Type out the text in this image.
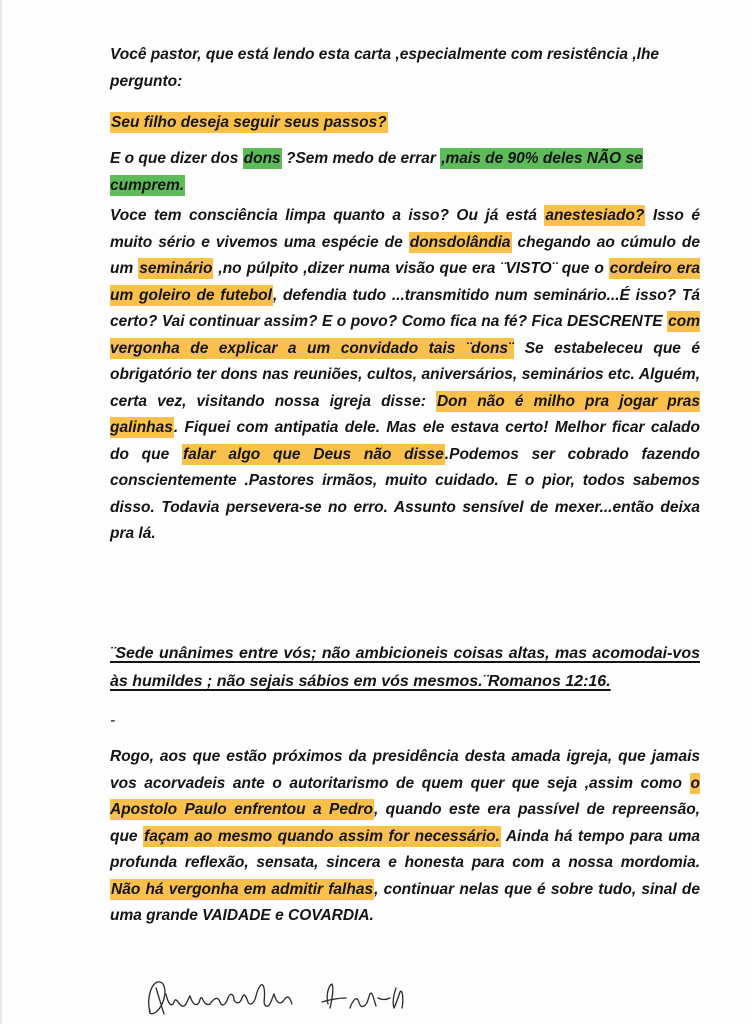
Você pastor, que está lendo esta carta ,especialmente com resistência ,lhe pergunto:

Seu filho deseja seguir seus passos?

E o que dizer dos dons ?Sem medo de errar ,mais de 90% deles NÃO se cumprem.

Voce tem consciência limpa quanto a isso? Ou já está anestesiado? Isso é muito sério e vivemos uma espécie de donsdolândia chegando ao cúmulo de um seminário ,no púlpito ,dizer numa visão que era ¨VISTO¨ que o cordeiro era um goleiro de futebol, defendia tudo ...transmitido num seminário...É isso? Tá certo? Vai continuar assim? E o povo? Como fica na fé? Fica DESCRENTE com vergonha de explicar a um convidado tais ¨dons¨ Se estabeleceu que é obrigatório ter dons nas reuniões, cultos, aniversários, seminários etc. Alguém, certa vez, visitando nossa igreja disse: Don não é milho pra jogar pras galinhas. Fiquei com antipatia dele. Mas ele estava certo! Melhor ficar calado do que falar algo que Deus não disse.Podemos ser cobrado fazendo conscientemente .Pastores irmãos, muito cuidado. E o pior, todos sabemos disso. Todavia persevera-se no erro. Assunto sensível de mexer...então deixa pra lá.

¨Sede unânimes entre vós; não ambicioneis coisas altas, mas acomodai-vos às humildes ; não sejais sábios em vós mesmos.¨Romanos 12:16.

-

Rogo, aos que estão próximos da presidência desta amada igreja, que jamais vos acorvadeis ante o autoritarismo de quem quer que seja ,assim como o Apostolo Paulo enfrentou a Pedro, quando este era passível de repreensão, que façam ao mesmo quando assim for necessário. Ainda há tempo para uma profunda reflexão, sensata, sincera e honesta para com a nossa mordomia. Não há vergonha em admitir falhas, continuar nelas que é sobre tudo, sinal de uma grande VAIDADE e COVARDIA.
